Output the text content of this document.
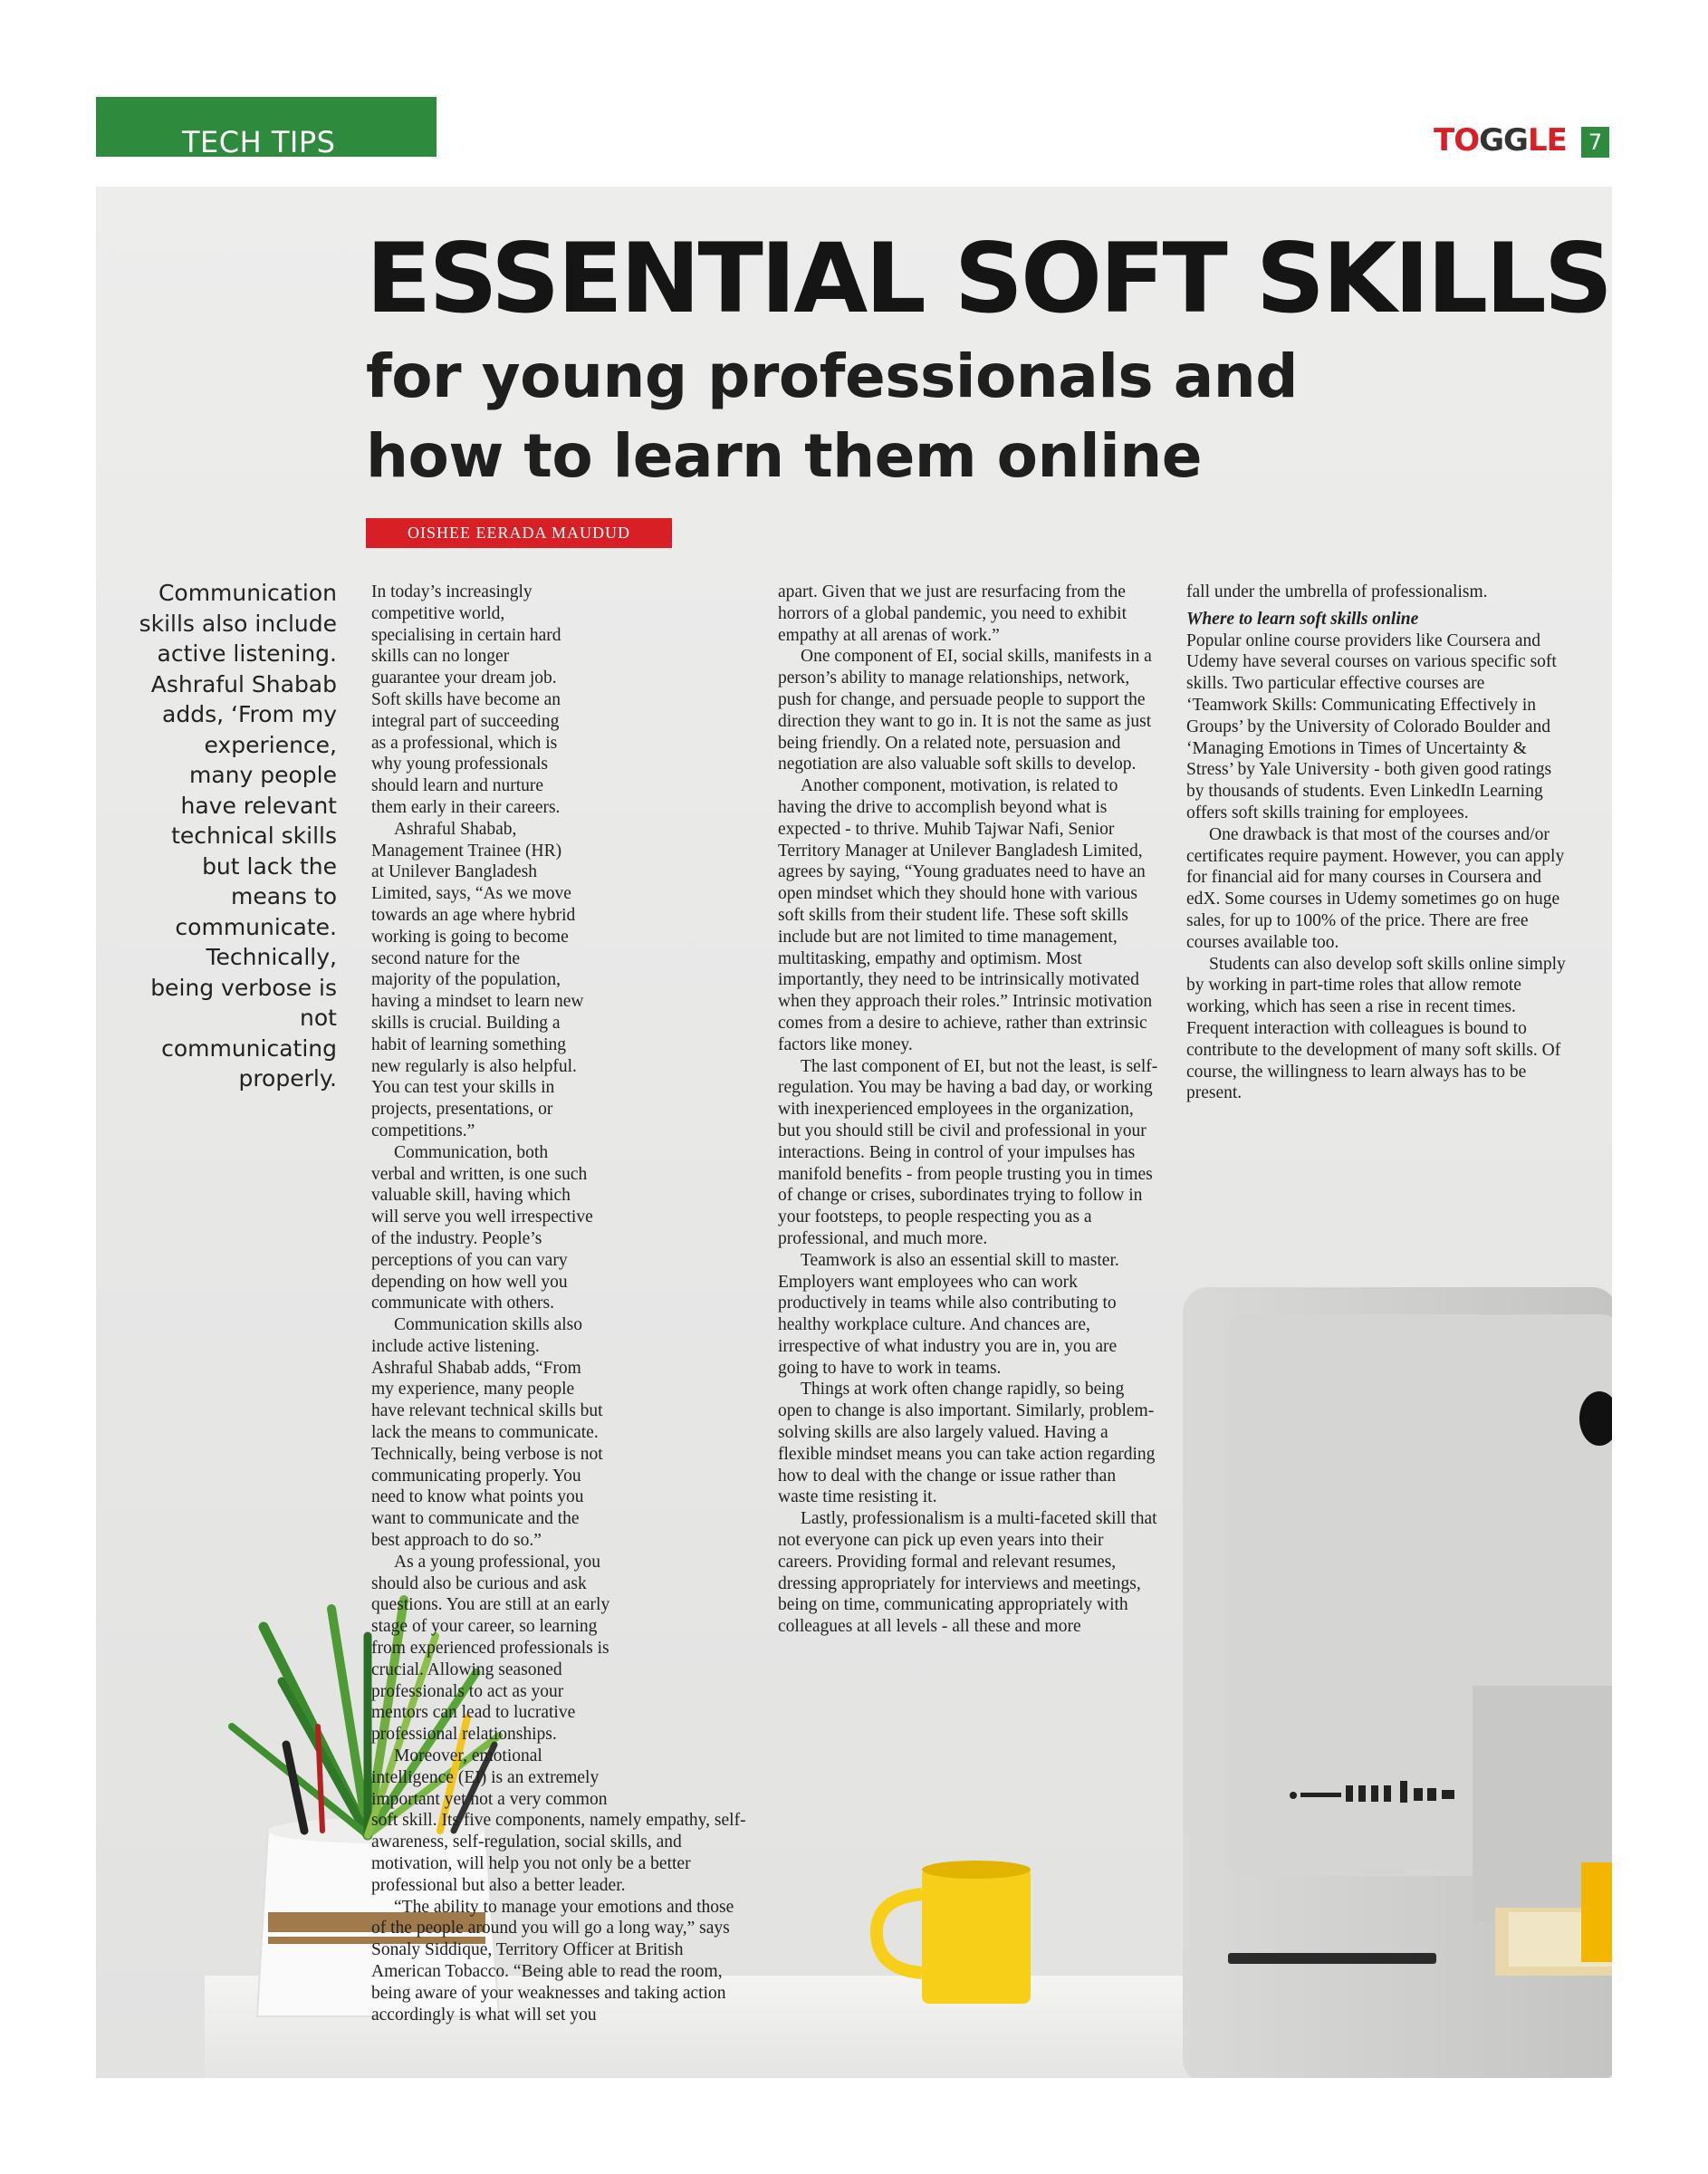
TECH TIPS	TOGGLE	7
ESSENTIAL SOFT SKILLS
for young professionals and how to learn them online
OISHEE EERADA MAUDUD
Communication skills also include active listening. Ashraful Shabab adds, ‘From my experience, many people have relevant technical skills but lack the means to communicate. Technically, being verbose is not communicating properly.

In today’s increasingly competitive world, specialising in certain hard skills can no longer guarantee your dream job. Soft skills have become an integral part of succeeding as a professional, which is why young professionals should learn and nurture them early in their careers.

Ashraful Shabab, Management Trainee (HR) at Unilever Bangladesh Limited, says, “As we move towards an age where hybrid working is going to become second nature for the majority of the population, having a mindset to learn new skills is crucial. Building a habit of learning something new regularly is also helpful. You can test your skills in projects, presentations, or competitions.”

Communication, both verbal and written, is one such valuable skill, having which will serve you well irrespective of the industry. People’s perceptions of you can vary depending on how well you communicate with others.

Communication skills also include active listening. Ashraful Shabab adds, “From my experience, many people have relevant technical skills but lack the means to communicate. Technically, being verbose is not communicating properly. You need to know what points you want to communicate and the best approach to do so.”

As a young professional, you should also be curious and ask questions. You are still at an early stage of your career, so learning from experienced professionals is crucial. Allowing seasoned professionals to act as your mentors can lead to lucrative professional relationships.

Moreover, emotional intelligence (EI) is an extremely important yet not a very common soft skill. Its five components, namely empathy, self-awareness, self-regulation, social skills, and motivation, will help you not only be a better professional but also a better leader.

“The ability to manage your emotions and those of the people around you will go a long way,” says Sonaly Siddique, Territory Officer at British American Tobacco. “Being able to read the room, being aware of your weaknesses and taking action accordingly is what will set you

apart. Given that we just are resurfacing from the horrors of a global pandemic, you need to exhibit empathy at all arenas of work.”

One component of EI, social skills, manifests in a person’s ability to manage relationships, network, push for change, and persuade people to support the direction they want to go in. It is not the same as just being friendly. On a related note, persuasion and negotiation are also valuable soft skills to develop.

Another component, motivation, is related to having the drive to accomplish beyond what is expected - to thrive. Muhib Tajwar Nafi, Senior Territory Manager at Unilever Bangladesh Limited, agrees by saying, “Young graduates need to have an open mindset which they should hone with various soft skills from their student life. These soft skills include but are not limited to time management, multitasking, empathy and optimism. Most importantly, they need to be intrinsically motivated when they approach their roles.” Intrinsic motivation comes from a desire to achieve, rather than extrinsic factors like money.

The last component of EI, but not the least, is self-regulation. You may be having a bad day, or working with inexperienced employees in the organization, but you should still be civil and professional in your interactions. Being in control of your impulses has manifold benefits - from people trusting you in times of change or crises, subordinates trying to follow in your footsteps, to people respecting you as a professional, and much more.

Teamwork is also an essential skill to master. Employers want employees who can work productively in teams while also contributing to healthy workplace culture. And chances are, irrespective of what industry you are in, you are going to have to work in teams.

Things at work often change rapidly, so being open to change is also important. Similarly, problem-solving skills are also largely valued. Having a flexible mindset means you can take action regarding how to deal with the change or issue rather than waste time resisting it.

Lastly, professionalism is a multi-faceted skill that not everyone can pick up even years into their careers. Providing formal and relevant resumes, dressing appropriately for interviews and meetings, being on time, communicating appropriately with colleagues at all levels - all these and more

fall under the umbrella of professionalism.

Where to learn soft skills online

Popular online course providers like Coursera and Udemy have several courses on various specific soft skills. Two particular effective courses are ‘Teamwork Skills: Communicating Effectively in Groups’ by the University of Colorado Boulder and ‘Managing Emotions in Times of Uncertainty & Stress’ by Yale University - both given good ratings by thousands of students. Even LinkedIn Learning offers soft skills training for employees.

One drawback is that most of the courses and/or certificates require payment. However, you can apply for financial aid for many courses in Coursera and edX. Some courses in Udemy sometimes go on huge sales, for up to 100% of the price. There are free courses available too.

Students can also develop soft skills online simply by working in part-time roles that allow remote working, which has seen a rise in recent times. Frequent interaction with colleagues is bound to contribute to the development of many soft skills. Of course, the willingness to learn always has to be present.
